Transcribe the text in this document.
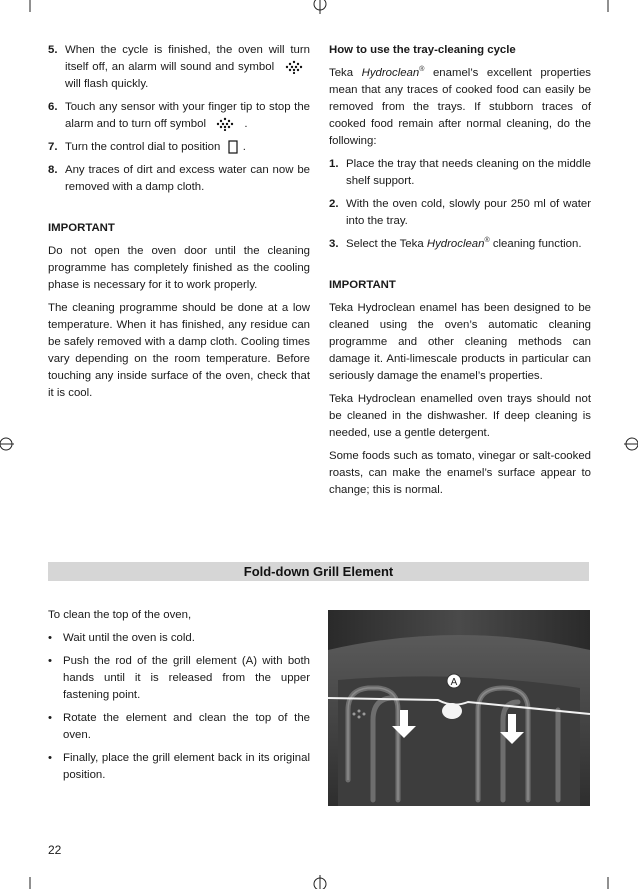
5. When the cycle is finished, the oven will turn itself off, an alarm will sound and symbol  will flash quickly.
6. Touch any sensor with your finger tip to stop the alarm and to turn off symbol	.
7. Turn the control dial to position .
8. Any traces of dirt and excess water can now be removed with a damp cloth.
IMPORTANT

Do not open the oven door until the cleaning programme has completely finished as the cooling phase is necessary for it to work properly.

The cleaning programme should be done at a low temperature. When it has finished, any residue can be safely removed with a damp cloth. Cooling times vary depending on the room temperature. Before touching any inside surface of the oven, check that it is cool.

How to use the tray-cleaning cycle

Teka Hydroclean® enamel’s excellent properties mean that any traces of cooked food can easily be removed from the trays. If stubborn traces of cooked food remain after normal cleaning, do the following:

1. Place the tray that needs cleaning on the middle shelf support.
2. With the oven cold, slowly pour 250 ml of water into the tray.
3. Select the Teka Hydroclean® cleaning function.
IMPORTANT

Teka Hydroclean enamel has been designed to be cleaned using the oven’s automatic cleaning programme and other cleaning methods can damage it. Anti-limescale products in particular can seriously damage the enamel’s properties.

Teka Hydroclean enamelled oven trays should not be cleaned in the dishwasher. If deep cleaning is needed, use a gentle detergent.

Some foods such as tomato, vinegar or salt-cooked roasts, can make the enamel’s surface appear to change; this is normal.

Fold-down Grill Element

To clean the top of the oven,

• Wait until the oven is cold.
• Push the rod of the grill element (A) with both hands until it is released from the upper fastening point.
• Rotate the element and clean the top of the oven.
• Finally, place the grill element back in its original position.
A
22
